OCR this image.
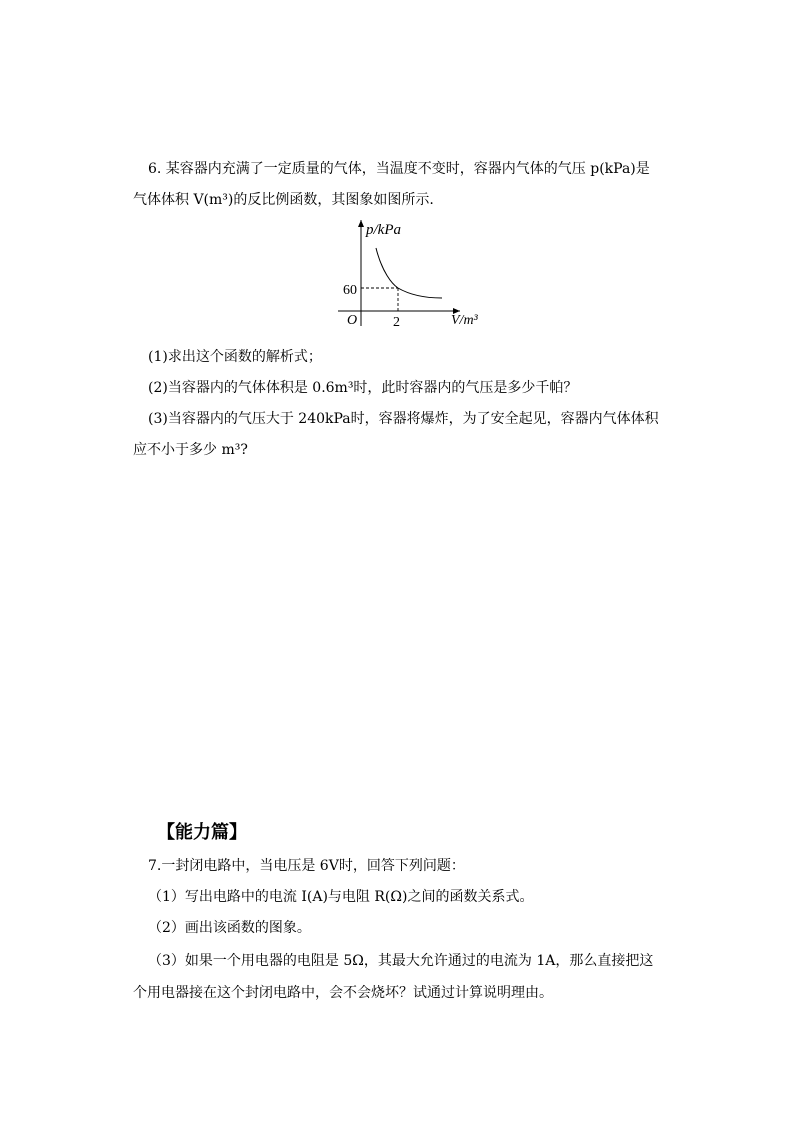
6. 某容器内充满了一定质量的气体，当温度不变时，容器内气体的气压 p(kPa)是
气体体积 V(m³)的反比例函数，其图象如图所示.
p/kPa
V/m³
O
60
2
(1)求出这个函数的解析式；
(2)当容器内的气体体积是 0.6m³时，此时容器内的气压是多少千帕？
(3)当容器内的气压大于 240kPa时，容器将爆炸，为了安全起见，容器内气体体积
应不小于多少 m³?
【能力篇】
7.一封闭电路中，当电压是 6V时，回答下列问题：
（1）写出电路中的电流 I(A)与电阻 R(Ω)之间的函数关系式。
（2）画出该函数的图象。
（3）如果一个用电器的电阻是 5Ω，其最大允许通过的电流为 1A，那么直接把这
个用电器接在这个封闭电路中，会不会烧坏？试通过计算说明理由。
